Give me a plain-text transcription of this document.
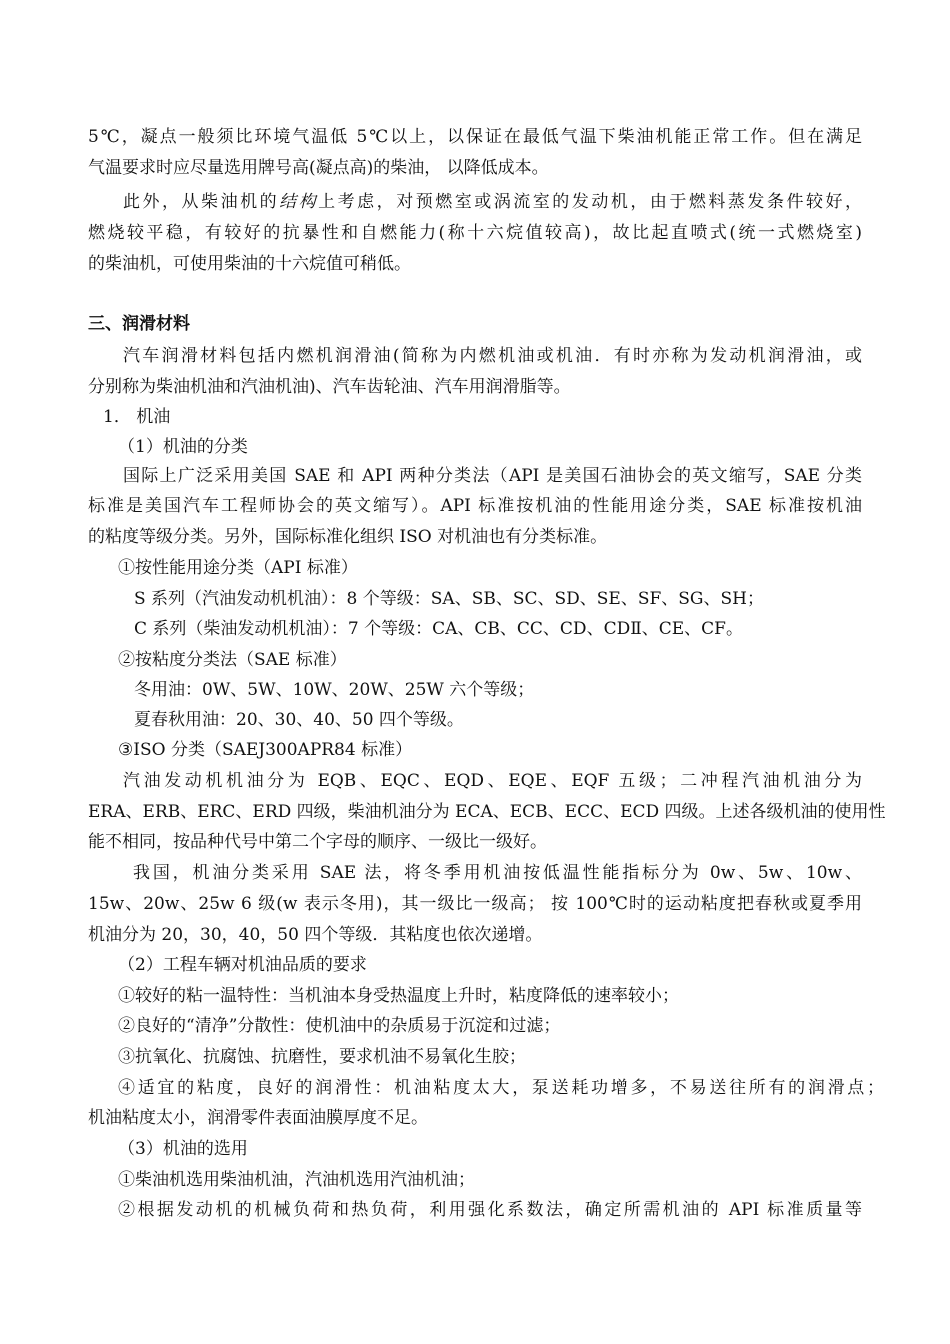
5℃，凝点一般须比环境气温低 5℃以上，以保证在最低气温下柴油机能正常工作。但在满足
气温要求时应尽量选用牌号高(凝点高)的柴油， 以降低成本。
此外，从柴油机的结构上考虑，对预燃室或涡流室的发动机，由于燃料蒸发条件较好，
燃烧较平稳，有较好的抗暴性和自燃能力(称十六烷值较高)，故比起直喷式(统一式燃烧室)
的柴油机，可使用柴油的十六烷值可稍低。
三、润滑材料
汽车润滑材料包括内燃机润滑油(简称为内燃机油或机油．有时亦称为发动机润滑油，或
分别称为柴油机油和汽油机油)、汽车齿轮油、汽车用润滑脂等。
1． 机油
（1）机油的分类
国际上广泛采用美国 SAE 和 API 两种分类法（API 是美国石油协会的英文缩写，SAE 分类
标准是美国汽车工程师协会的英文缩写）。API 标准按机油的性能用途分类，SAE 标准按机油
的粘度等级分类。另外，国际标准化组织 ISO 对机油也有分类标准。
①按性能用途分类（API 标准）
S 系列（汽油发动机机油）：8 个等级：SA、SB、SC、SD、SE、SF、SG、SH；
C 系列（柴油发动机机油）：7 个等级：CA、CB、CC、CD、CDⅡ、CE、CF。
②按粘度分类法（SAE 标准）
冬用油：0W、5W、10W、20W、25W 六个等级；
夏春秋用油：20、30、40、50 四个等级。
③ISO 分类（SAEJ300APR84 标准）
汽油发动机机油分为 EQB、EQC、EQD、EQE、EQF 五级；二冲程汽油机油分为
ERA、ERB、ERC、ERD 四级，柴油机油分为 ECA、ECB、ECC、ECD 四级。上述各级机油的使用性
能不相同，按品种代号中第二个字母的顺序、一级比一级好。
我国，机油分类采用 SAE 法，将冬季用机油按低温性能指标分为 0w、5w、10w、
15w、20w、25w 6 级(w 表示冬用)，其一级比一级高； 按 100℃时的运动粘度把春秋或夏季用
机油分为 20，30，40，50 四个等级．其粘度也依次递增。
（2）工程车辆对机油品质的要求
①较好的粘一温特性：当机油本身受热温度上升时，粘度降低的速率较小；
②良好的“清净”分散性：使机油中的杂质易于沉淀和过滤；
③抗氧化、抗腐蚀、抗磨性，要求机油不易氧化生胶；
④适宜的粘度，良好的润滑性：机油粘度太大，泵送耗功增多，不易送往所有的润滑点；
机油粘度太小，润滑零件表面油膜厚度不足。
（3）机油的选用
①柴油机选用柴油机油，汽油机选用汽油机油；
②根据发动机的机械负荷和热负荷，利用强化系数法，确定所需机油的 API 标准质量等
